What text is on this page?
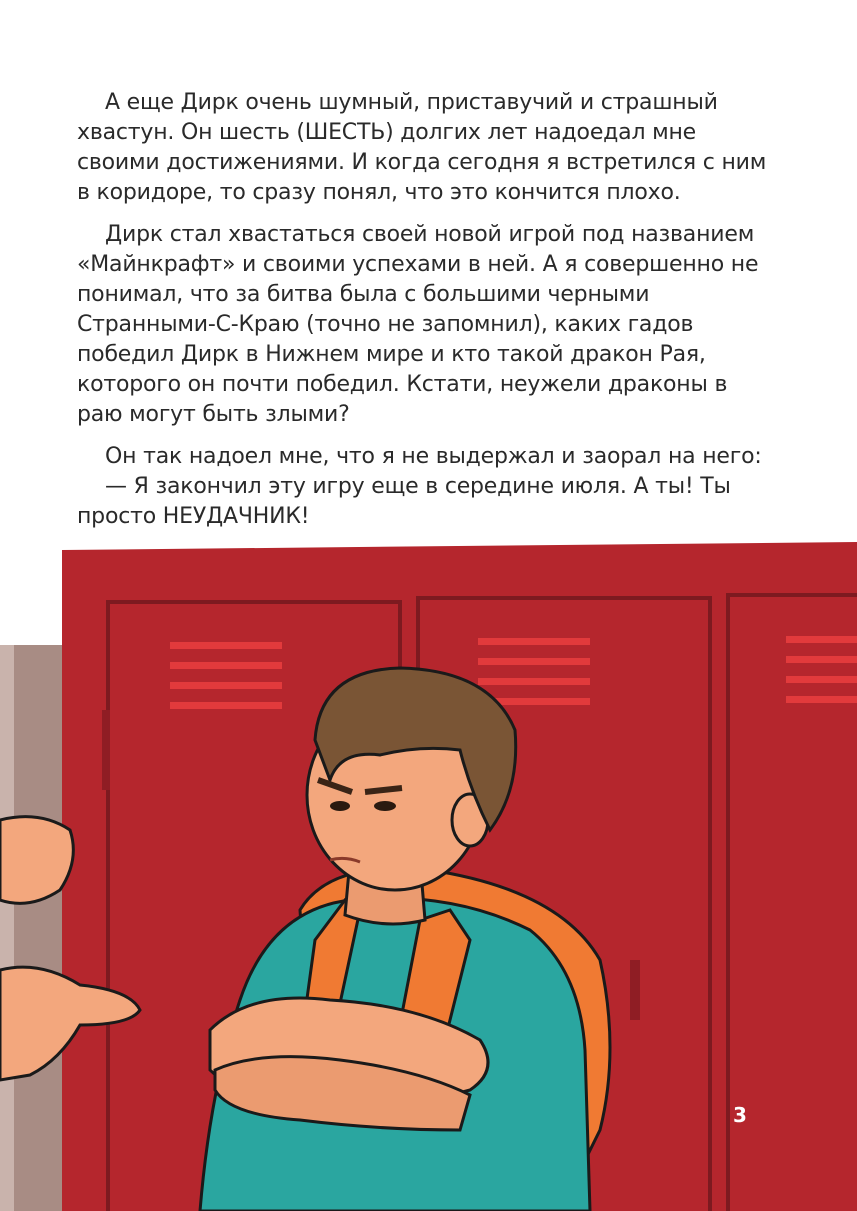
А еще Дирк очень шумный, приставучий и страшный хвастун. Он шесть (ШЕСТЬ) долгих лет надоедал мне своими достижениями. И когда сегодня я встретился с ним в коридоре, то сразу понял, что это кончится плохо.

Дирк стал хвастаться своей новой игрой под названием «Майнкрафт» и своими успехами в ней. А я совершенно не понимал, что за битва была с большими черными Странными-С-Краю (точно не запомнил), каких гадов победил Дирк в Нижнем мире и кто такой дракон Рая, которого он почти победил. Кстати, неужели драконы в раю могут быть злыми?

Он так надоел мне, что я не выдержал и заорал на него:

— Я закончил эту игру еще в середине июля. А ты! Ты просто НЕУДАЧНИК!

3
